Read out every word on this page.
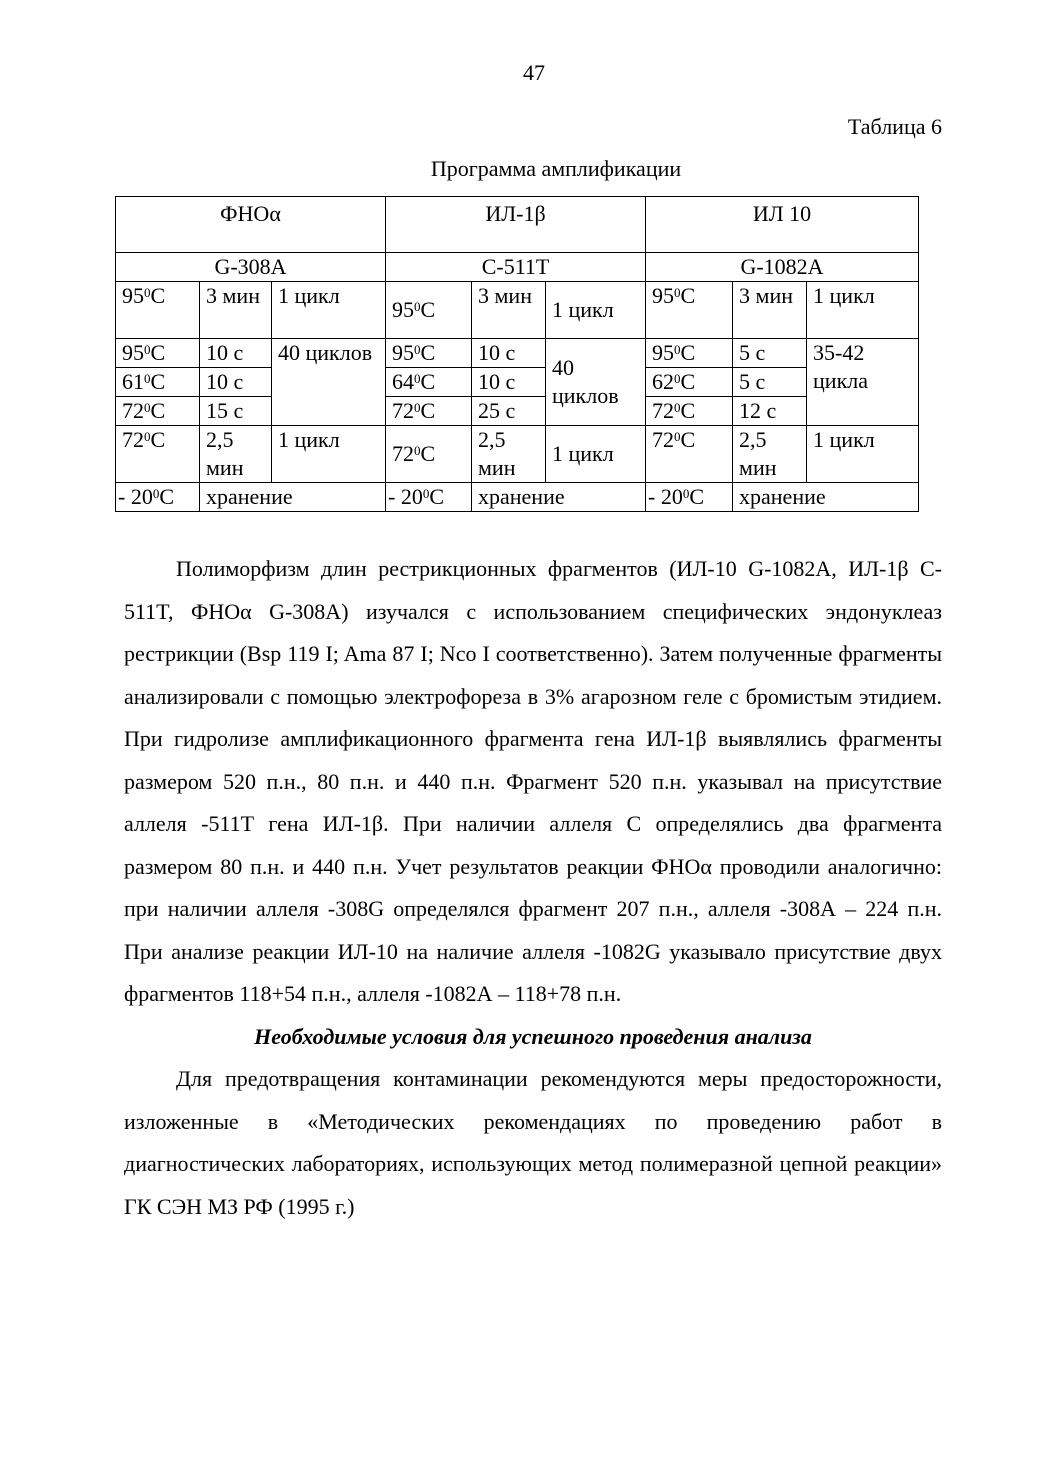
47
Таблица 6
Программа амплификации
ФНОα			ИЛ-1β			ИЛ 10		
G-308A			C-511T			G-1082A		
$95^0С$	3 мин	1 цикл	$95^0С$	3 мин	1 цикл	$95^0С$	3 мин	1 цикл
$95^0С$	10 с	40 циклов	$95^0С$	10 с	40 циклов	$95^0С$	5 с	35-42 цикла
$61^0С$	10 с		$64^0С$	10 с		$62^0С$	5 с	
$72^0С$	15 с		$72^0С$	25 с		$72^0С$	12 с	
$72^0С$	2,5 мин	1 цикл	$72^0С$	2,5 мин	1 цикл	$72^0С$	2,5 мин	1 цикл
- $20^0С$	хранение		- $20^0С$	хранение		- $20^0С$	хранение	

Полиморфизм длин рестрикционных фрагментов (ИЛ-10 G-1082A, ИЛ-1β C-511T, ФНОα G-308A) изучался с использованием специфических эндонуклеаз рестрикции (Bsp 119 I; Ama 87 I; Nco I соответственно). Затем полученные фрагменты анализировали с помощью электрофореза в 3% агарозном геле с бромистым этидием. При гидролизе амплификационного фрагмента гена ИЛ-1β выявлялись фрагменты размером 520 п.н., 80 п.н. и 440 п.н. Фрагмент 520 п.н. указывал на присутствие аллеля -511Т гена ИЛ-1β. При наличии аллеля С определялись два фрагмента размером 80 п.н. и 440 п.н. Учет результатов реакции ФНОα проводили аналогично: при наличии аллеля -308G определялся фрагмент 207 п.н., аллеля -308А – 224 п.н. При анализе реакции ИЛ-10 на наличие аллеля -1082G указывало присутствие двух фрагментов 118+54 п.н., аллеля -1082А – 118+78 п.н.

Необходимые условия для успешного проведения анализа

Для предотвращения контаминации рекомендуются меры предосторожности, изложенные в «Методических рекомендациях по проведению работ в диагностических лабораториях, использующих метод полимеразной цепной реакции» ГК СЭН МЗ РФ (1995 г.)
